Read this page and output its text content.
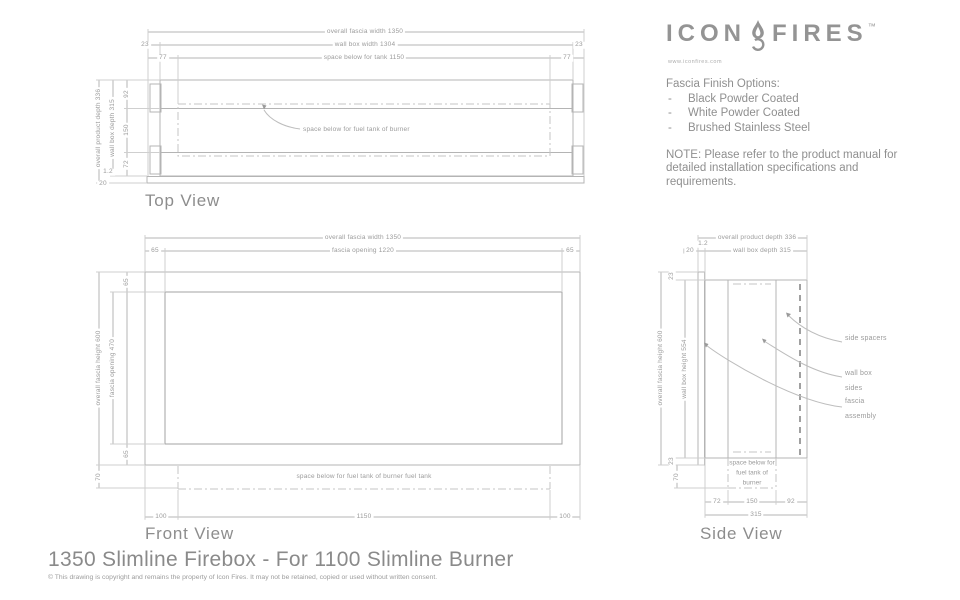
overall fascia width 1350
23	wall box width 1304	23
77	space below for tank 1150	77
overall product depth 336 wall box depth 315
92
150
72
1.2
20
space below for fuel tank of burner
Top View
overall fascia width 1350
65	fascia opening 1220	65
overall fascia height 600 fascia opening 470
65
65
70	space below for fuel tank of burner fuel tank
100	1150	100
Front View
overall product depth 336
20
1.2
wall box depth 315
23
23
70
overall fascia height 600	wall box height 554
space below for fuel tank of burner
72	150	92
315
side spacers
wall box sides
fascia assembly
Side View
ICON FIRES ™
www.iconfires.com
Fascia Finish Options:
-	Black Powder Coated
-	White Powder Coated
-	Brushed Stainless Steel
NOTE: Please refer to the product manual for detailed installation specifications and requirements.
1350 Slimline Firebox - For 1100 Slimline Burner
© This drawing is copyright and remains the property of Icon Fires. It may not be retained, copied or used without written consent.
